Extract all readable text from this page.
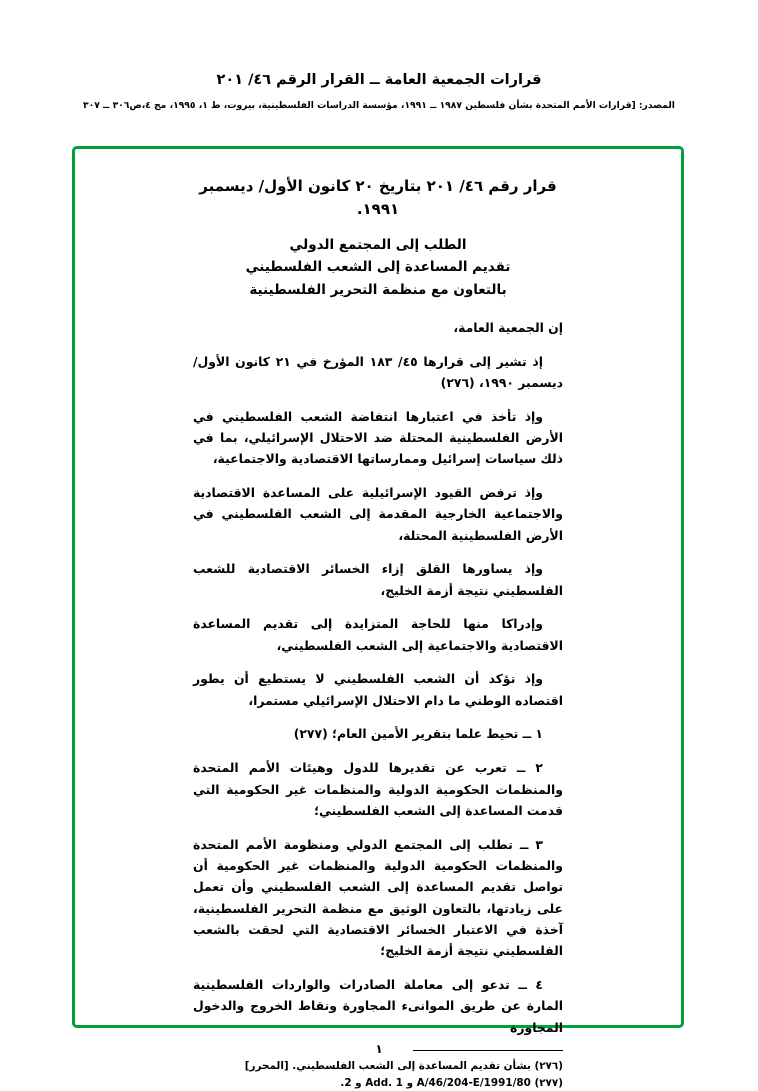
قرارات الجمعية العامة ــ القرار الرقم ٤٦/ ٢٠١
المصدر: [قرارات الأمم المتحدة بشأن فلسطين ١٩٨٧ ــ ١٩٩١، مؤسسة الدراسات الفلسطينية، بيروت، ط ١، ١٩٩٥، مج ٤،ص٣٠٦ ــ ٣٠٧
قرار رقم ٤٦/ ٢٠١ بتاريخ ٢٠ كانون الأول/ ديسمبر ١٩٩١.
الطلب إلى المجتمع الدولي
تقديم المساعدة إلى الشعب الفلسطيني
بالتعاون مع منظمة التحرير الفلسطينية

إن الجمعية العامة،

إذ تشير إلى قرارها ٤٥/ ١٨٣ المؤرخ في ٢١ كانون الأول/ ديسمبر ١٩٩٠، (٢٧٦)

وإذ تأخذ في اعتبارها انتفاضة الشعب الفلسطيني في الأرض الفلسطينية المحتلة ضد الاحتلال الإسرائيلي، بما في ذلك سياسات إسرائيل وممارساتها الاقتصادية والاجتماعية،

وإذ ترفض القيود الإسرائيلية على المساعدة الاقتصادية والاجتماعية الخارجية المقدمة إلى الشعب الفلسطيني في الأرض الفلسطينية المحتلة،

وإذ يساورها القلق إزاء الخسائر الاقتصادية للشعب الفلسطيني نتيجة أزمة الخليج،

وإدراكا منها للحاجة المتزايدة إلى تقديم المساعدة الاقتصادية والاجتماعية إلى الشعب الفلسطيني،

وإذ تؤكد أن الشعب الفلسطيني لا يستطيع أن يطور اقتصاده الوطني ما دام الاحتلال الإسرائيلي مستمرا،

١ ــ تحيط علما بتقرير الأمين العام؛ (٢٧٧)

٢ ــ تعرب عن تقديرها للدول وهيئات الأمم المتحدة والمنظمات الحكومية الدولية والمنظمات غير الحكومية التي قدمت المساعدة إلى الشعب الفلسطيني؛

٣ ــ تطلب إلى المجتمع الدولي ومنظومة الأمم المتحدة والمنظمات الحكومية الدولية والمنظمات غير الحكومية أن تواصل تقديم المساعدة إلى الشعب الفلسطيني وأن تعمل على زيادتها، بالتعاون الوثيق مع منظمة التحرير الفلسطينية، آخذة في الاعتبار الخسائر الاقتصادية التي لحقت بالشعب الفلسطيني نتيجة أزمة الخليج؛

٤ ــ تدعو إلى معاملة الصادرات والواردات الفلسطينية المارة عن طريق الموانىء المجاورة ونقاط الخروج والدخول المجاورة

(٢٧٦) بشأن تقديم المساعدة إلى الشعب الفلسطيني. [المحرر]
(٢٧٧) A/46/204-E/1991/80 و Add. 1 و 2.
١
